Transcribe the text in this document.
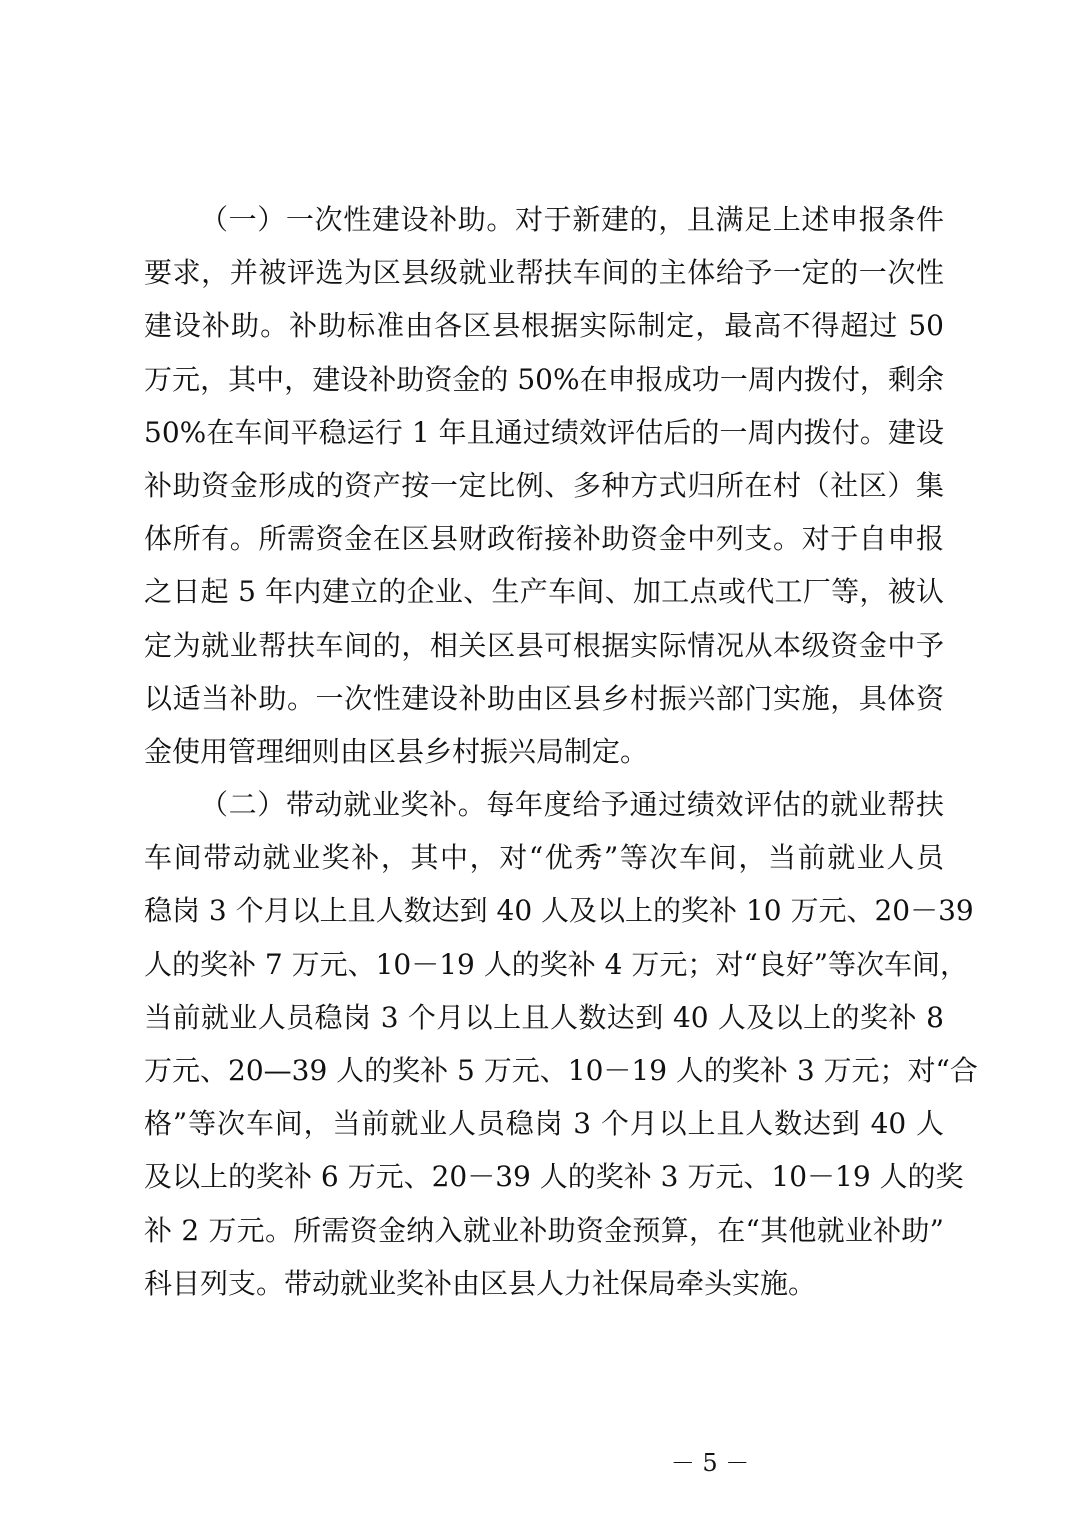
（一）一次性建设补助。对于新建的，且满足上述申报条件
要求，并被评选为区县级就业帮扶车间的主体给予一定的一次性
建设补助。补助标准由各区县根据实际制定，最高不得超过 50
万元，其中，建设补助资金的 50%在申报成功一周内拨付，剩余
50%在车间平稳运行 1 年且通过绩效评估后的一周内拨付。建设
补助资金形成的资产按一定比例、多种方式归所在村（社区）集
体所有。所需资金在区县财政衔接补助资金中列支。对于自申报
之日起 5 年内建立的企业、生产车间、加工点或代工厂等，被认
定为就业帮扶车间的，相关区县可根据实际情况从本级资金中予
以适当补助。一次性建设补助由区县乡村振兴部门实施，具体资
金使用管理细则由区县乡村振兴局制定。
（二）带动就业奖补。每年度给予通过绩效评估的就业帮扶
车间带动就业奖补，其中，对“优秀”等次车间，当前就业人员
稳岗 3 个月以上且人数达到 40 人及以上的奖补 10 万元、20－39
人的奖补 7 万元、10－19 人的奖补 4 万元；对“良好”等次车间，
当前就业人员稳岗 3 个月以上且人数达到 40 人及以上的奖补 8
万元、20—39 人的奖补 5 万元、10－19 人的奖补 3 万元；对“合
格”等次车间，当前就业人员稳岗 3 个月以上且人数达到 40 人
及以上的奖补 6 万元、20－39 人的奖补 3 万元、10－19 人的奖
补 2 万元。所需资金纳入就业补助资金预算，在“其他就业补助”
科目列支。带动就业奖补由区县人力社保局牵头实施。
－ 5 －
